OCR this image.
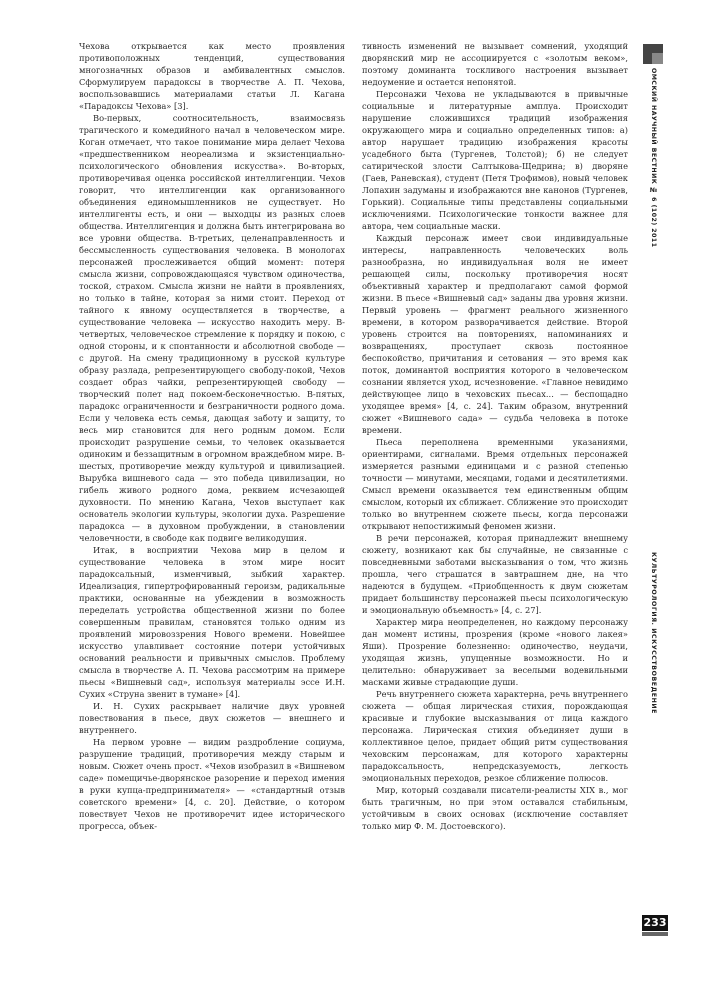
Чехова открывается как место проявления противоположных тенденций, существования многозначных образов и амбивалентных смыслов. Сформулируем парадоксы в творчестве А. П. Чехова, воспользовавшись материалами статьи Л. Кагана «Парадоксы Чехова» [3].

Во-первых, соотносительность, взаимосвязь трагического и комедийного начал в человеческом мире. Коган отмечает, что такое понимание мира делает Чехова «предшественником неореализма и экзистенциально-психологического обновления искусства». Во-вторых, противоречивая оценка российской интеллигенции. Чехов говорит, что интеллигенции как организованного объединения единомышленников не существует. Но интеллигенты есть, и они — выходцы из разных слоев общества. Интеллигенция и должна быть интегрирована во все уровни общества. В-третьих, целенаправленность и бессмысленность существования человека. В монологах персонажей прослеживается общий момент: потеря смысла жизни, сопровождающаяся чувством одиночества, тоской, страхом. Смысла жизни не найти в проявлениях, но только в тайне, которая за ними стоит. Переход от тайного к явному осуществляется в творчестве, а существование человека — искусство находить меру. В-четвертых, человеческое стремление к порядку и покою, с одной стороны, и к спонтанности и абсолютной свободе — с другой. На смену традиционному в русской культуре образу разлада, репрезентирующего свободу-покой, Чехов создает образ чайки, репрезентирующей свободу — творческий полет над покоем-бесконечностью. В-пятых, парадокс ограниченности и безграничности родного дома. Если у человека есть семья, дающая заботу и защиту, то весь мир становится для него родным домом. Если происходит разрушение семьи, то человек оказывается одиноким и беззащитным в огромном враждебном мире. В-шестых, противоречие между культурой и цивилизацией. Вырубка вишневого сада — это победа цивилизации, но гибель живого родного дома, реквием исчезающей духовности. По мнению Кагана, Чехов выступает как основатель экологии культуры, экологии духа. Разрешение парадокса — в духовном пробуждении, в становлении человечности, в свободе как подвиге великодушия.

Итак, в восприятии Чехова мир в целом и существование человека в этом мире носит парадоксальный, изменчивый, зыбкий характер. Идеализация, гипертрофированный героизм, радикальные практики, основанные на убеждении в возможность переделать устройства общественной жизни по более совершенным правилам, становятся только одним из проявлений мировоззрения Нового времени. Новейшее искусство улавливает состояние потери устойчивых оснований реальности и привычных смыслов. Проблему смысла в творчестве А. П. Чехова рассмотрим на примере пьесы «Вишневый сад», используя материалы эссе И.Н. Сухих «Струна звенит в тумане» [4].

И. Н. Сухих раскрывает наличие двух уровней повествования в пьесе, двух сюжетов — внешнего и внутреннего.

На первом уровне — видим раздробление социума, разрушение традиций, противоречия между старым и новым. Сюжет очень прост. «Чехов изобразил в «Вишневом саде» помещичье-дворянское разорение и переход имения в руки купца-предпринимателя» — «стандартный отзыв советского времени» [4, с. 20]. Действие, о котором повествует Чехов не противоречит идее исторического прогресса, объек-

тивность изменений не вызывает сомнений, уходящий дворянский мир не ассоциируется с «золотым веком», поэтому доминанта тоскливого настроения вызывает недоумение и остается непонятой.

Персонажи Чехова не укладываются в привычные социальные и литературные амплуа. Происходит нарушение сложившихся традиций изображения окружающего мира и социально определенных типов: а) автор нарушает традицию изображения красоты усадебного быта (Тургенев, Толстой); б) не следует сатирической злости Салтыкова-Щедрина; в) дворяне (Гаев, Раневская), студент (Петя Трофимов), новый человек Лопахин задуманы и изображаются вне канонов (Тургенев, Горький). Социальные типы представлены социальными исключениями. Психологические тонкости важнее для автора, чем социальные маски.

Каждый персонаж имеет свои индивидуальные интересы, направленность человеческих воль разнообразна, но индивидуальная воля не имеет решающей силы, поскольку противоречия носят объективный характер и предполагают самой формой жизни. В пьесе «Вишневый сад» заданы два уровня жизни. Первый уровень — фрагмент реального жизненного времени, в котором разворачивается действие. Второй уровень строится на повторениях, напоминаниях и возвращениях, проступает сквозь постоянное беспокойство, причитания и сетования — это время как поток, доминантой восприятия которого в человеческом сознании является уход, исчезновение. «Главное невидимо действующее лицо в чеховских пьесах... — беспощадно уходящее время» [4, с. 24]. Таким образом, внутренний сюжет «Вишневого сада» — судьба человека в потоке времени.

Пьеса переполнена временными указаниями, ориентирами, сигналами. Время отдельных персонажей измеряется разными единицами и с разной степенью точности — минутами, месяцами, годами и десятилетиями. Смысл времени оказывается тем единственным общим смыслом, который их сближает. Сближение это происходит только во внутреннем сюжете пьесы, когда персонажи открывают непостижимый феномен жизни.

В речи персонажей, которая принадлежит внешнему сюжету, возникают как бы случайные, не связанные с повседневными заботами высказывания о том, что жизнь прошла, чего страшатся в завтрашнем дне, на что надеются в будущем. «Приобщенность к двум сюжетам придает большинству персонажей пьесы психологическую и эмоциональную объемность» [4, с. 27].

Характер мира неопределенен, но каждому персонажу дан момент истины, прозрения (кроме «нового лакея» Яши). Прозрение болезненно: одиночество, неудачи, уходящая жизнь, упущенные возможности. Но и целительно: обнаруживает за веселыми водевильными масками живые страдающие души.

Речь внутреннего сюжета характерна, речь внутреннего сюжета — общая лирическая стихия, порождающая красивые и глубокие высказывания от лица каждого персонажа. Лирическая стихия объединяет души в коллективное целое, придает общий ритм существования чеховским персонажам, для которого характерны парадоксальность, непредсказуемость, легкость эмоциональных переходов, резкое сближение полюсов.

Мир, который создавали писатели-реалисты XIX в., мог быть трагичным, но при этом оставался стабильным, устойчивым в своих основах (исключение составляет только мир Ф. М. Достоевского).

ОМСКИЙ НАУЧНЫЙ ВЕСТНИК № 6 (102) 2011
КУЛЬТУРОЛОГИЯ. ИСКУССТВОВЕДЕНИЕ
233
